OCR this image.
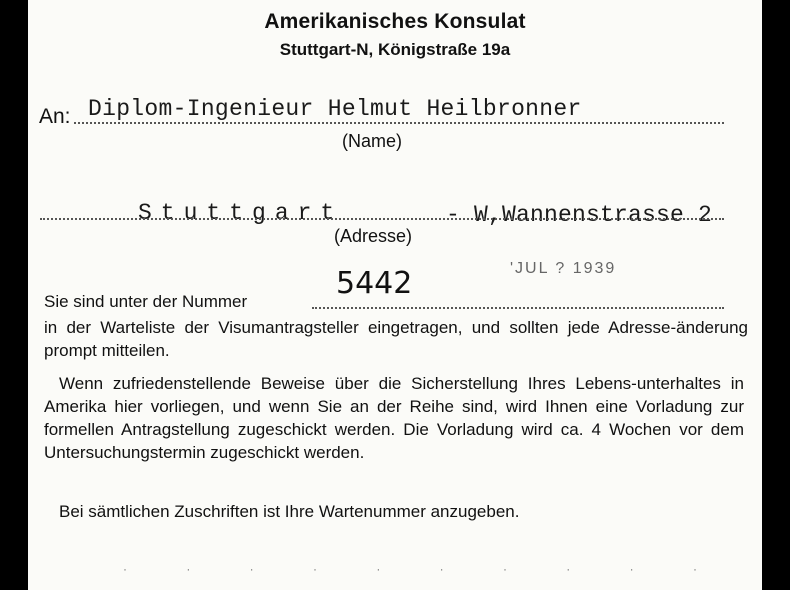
Amerikanisches Konsulat
Stuttgart-N, Königstraße 19a
An: Diplom-Ingenieur Helmut Heilbronner
(Name)
Stuttgart	- W,Wannenstrasse 2
(Adresse)
5442	'JUL ? 1939
Sie sind unter der Nummer
in der Warteliste der Visumantragsteller eingetragen, und sollten jede Adresse-änderung prompt mitteilen.
Wenn zufriedenstellende Beweise über die Sicherstellung Ihres Lebens-unterhaltes in Amerika hier vorliegen, und wenn Sie an der Reihe sind, wird Ihnen eine Vorladung zur formellen Antragstellung zugeschickt werden. Die Vorladung wird ca. 4 Wochen vor dem Untersuchungstermin zugeschickt werden.
Bei sämtlichen Zuschriften ist Ihre Wartenummer anzugeben.
· · · · · · · · · ·
